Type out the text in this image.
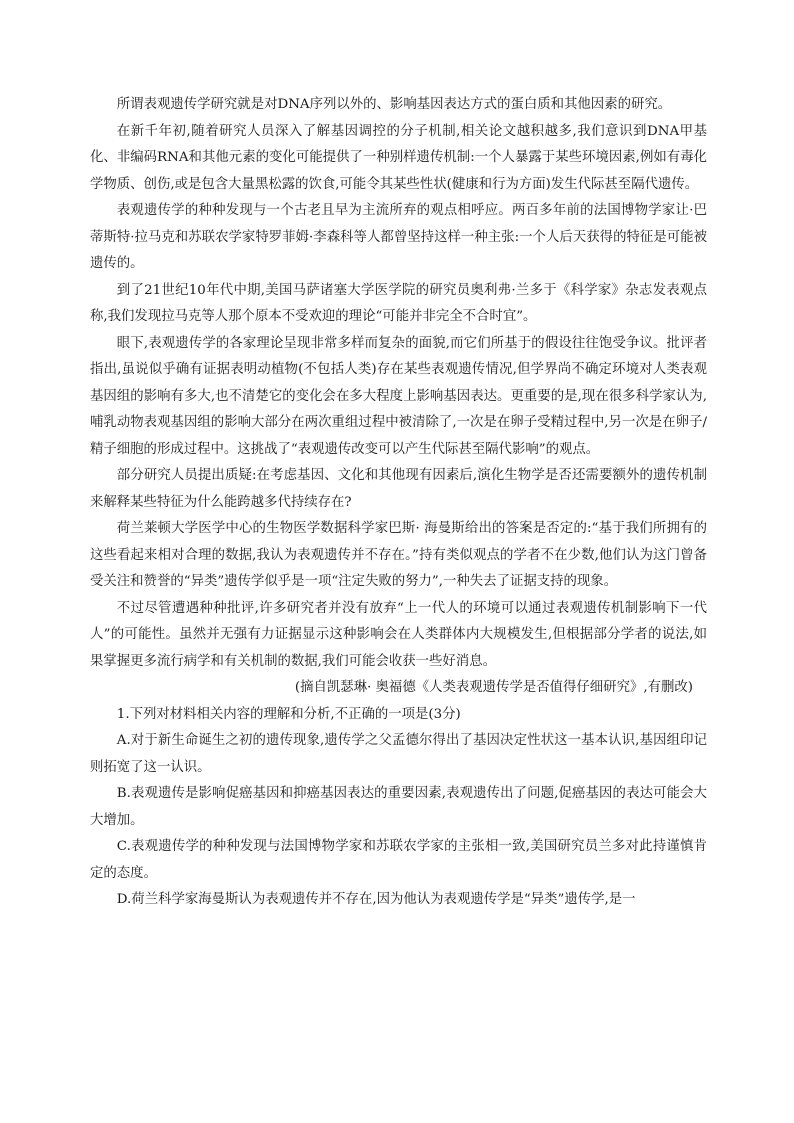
所谓表观遗传学研究就是对DNA序列以外的、影响基因表达方式的蛋白质和其他因素的研究。

在新千年初,随着研究人员深入了解基因调控的分子机制,相关论文越积越多,我们意识到DNA甲基化、非编码RNA和其他元素的变化可能提供了一种别样遗传机制:一个人暴露于某些环境因素,例如有毒化学物质、创伤,或是包含大量黑松露的饮食,可能令其某些性状(健康和行为方面)发生代际甚至隔代遗传。

表观遗传学的种种发现与一个古老且早为主流所弃的观点相呼应。两百多年前的法国博物学家让·巴蒂斯特·拉马克和苏联农学家特罗菲姆·李森科等人都曾坚持这样一种主张:一个人后天获得的特征是可能被遗传的。

到了21世纪10年代中期,美国马萨诸塞大学医学院的研究员奥利弗·兰多于《科学家》杂志发表观点称,我们发现拉马克等人那个原本不受欢迎的理论“可能并非完全不合时宜”。

眼下,表观遗传学的各家理论呈现非常多样而复杂的面貌,而它们所基于的假设往往饱受争议。批评者指出,虽说似乎确有证据表明动植物(不包括人类)存在某些表观遗传情况,但学界尚不确定环境对人类表观基因组的影响有多大,也不清楚它的变化会在多大程度上影响基因表达。更重要的是,现在很多科学家认为,哺乳动物表观基因组的影响大部分在两次重组过程中被清除了,一次是在卵子受精过程中,另一次是在卵子/精子细胞的形成过程中。这挑战了“表观遗传改变可以产生代际甚至隔代影响”的观点。

部分研究人员提出质疑:在考虑基因、文化和其他现有因素后,演化生物学是否还需要额外的遗传机制来解释某些特征为什么能跨越多代持续存在?

荷兰莱顿大学医学中心的生物医学数据科学家巴斯· 海曼斯给出的答案是否定的:“基于我们所拥有的这些看起来相对合理的数据,我认为表观遗传并不存在。”持有类似观点的学者不在少数,他们认为这门曾备受关注和赞誉的“异类”遗传学似乎是一项“注定失败的努力”,一种失去了证据支持的现象。

不过尽管遭遇种种批评,许多研究者并没有放弃“上一代人的环境可以通过表观遗传机制影响下一代人”的可能性。虽然并无强有力证据显示这种影响会在人类群体内大规模发生,但根据部分学者的说法,如果掌握更多流行病学和有关机制的数据,我们可能会收获一些好消息。

(摘自凯瑟琳· 奥福德《人类表观遗传学是否值得仔细研究》,有删改)

1.下列对材料相关内容的理解和分析,不正确的一项是(3分)

A.对于新生命诞生之初的遗传现象,遗传学之父孟德尔得出了基因决定性状这一基本认识,基因组印记则拓宽了这一认识。

B.表观遗传是影响促癌基因和抑癌基因表达的重要因素,表观遗传出了问题,促癌基因的表达可能会大大增加。

C.表观遗传学的种种发现与法国博物学家和苏联农学家的主张相一致,美国研究员兰多对此持谨慎肯定的态度。

D.荷兰科学家海曼斯认为表观遗传并不存在,因为他认为表观遗传学是“异类”遗传学,是一
